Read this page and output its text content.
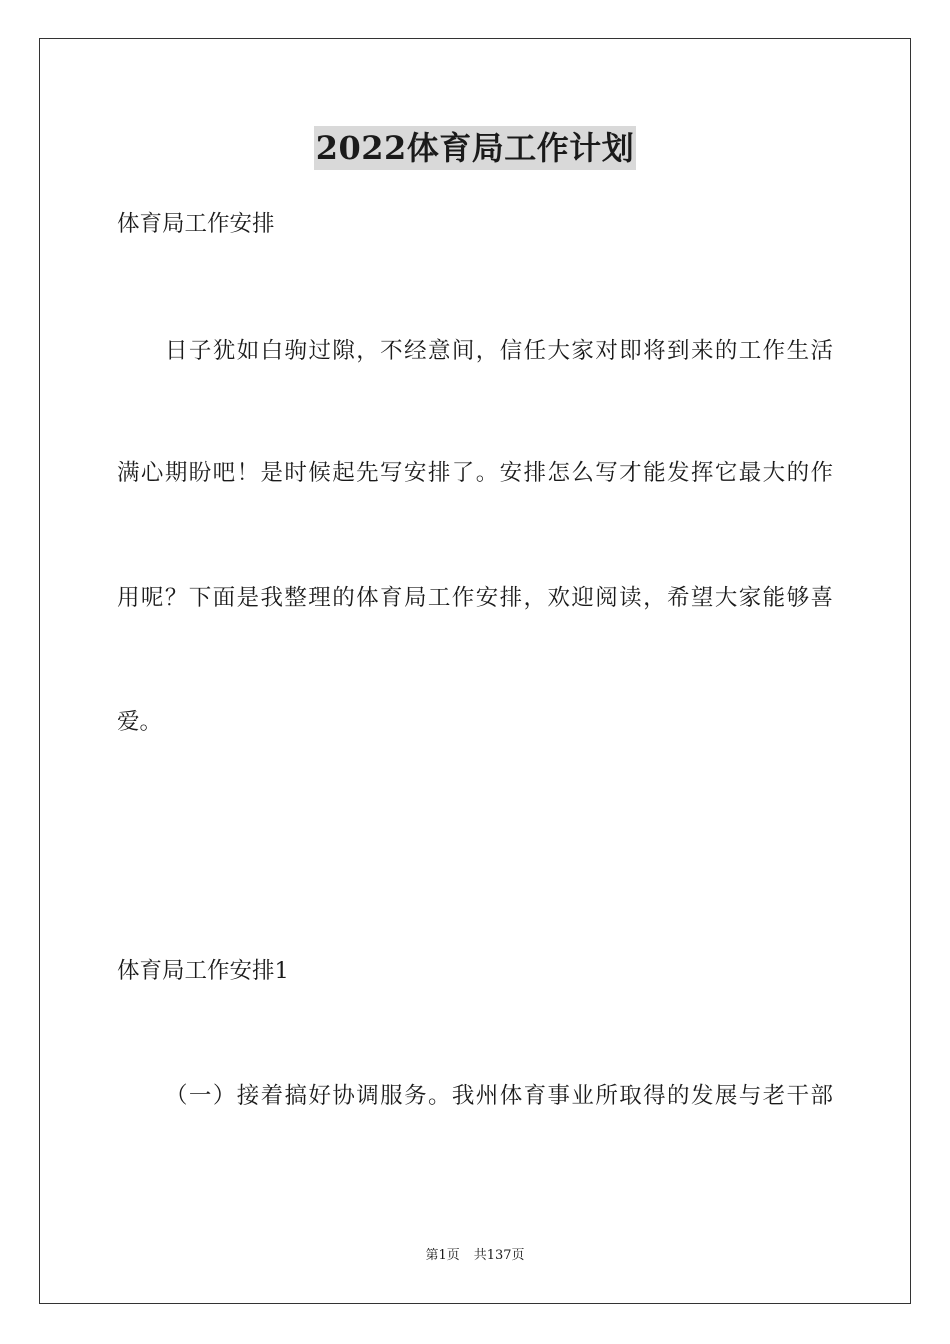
2022体育局工作计划
体育局工作安排
日子犹如白驹过隙，不经意间，信任大家对即将到来的工作生活
满心期盼吧！是时候起先写安排了。安排怎么写才能发挥它最大的作
用呢？下面是我整理的体育局工作安排，欢迎阅读，希望大家能够喜
爱。
体育局工作安排1
（一）接着搞好协调服务。我州体育事业所取得的发展与老干部
第1页 共137页
